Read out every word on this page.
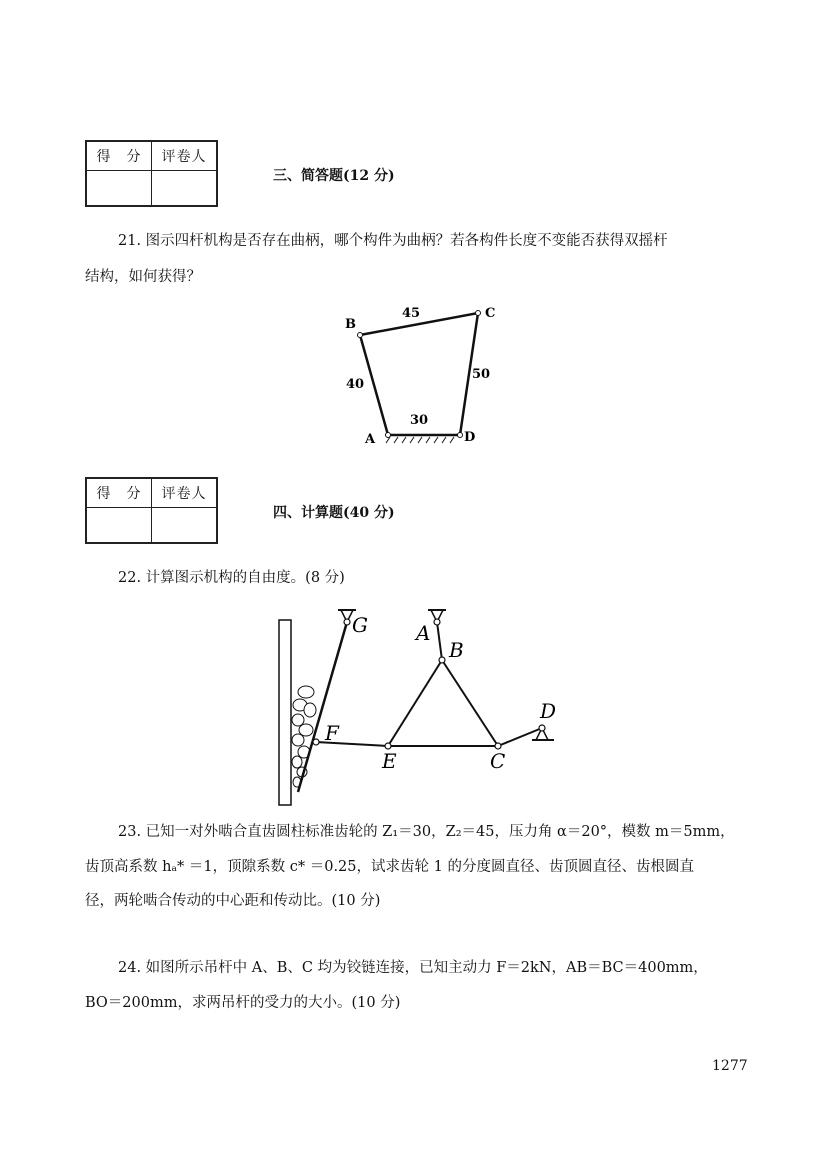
得　分	评卷人

三、简答题(12 分)
21. 图示四杆机构是否存在曲柄，哪个构件为曲柄？若各构件长度不变能否获得双摇杆
结构，如何获得？
B
C
A	D
45
40
50
30
得　分	评卷人

四、计算题(40 分)
22. 计算图示机构的自由度。(8 分)
G A
B
F
E	C
D
23. 已知一对外啮合直齿圆柱标准齿轮的 Z₁＝30，Z₂＝45，压力角 α＝20°，模数 m＝5mm，
齿顶高系数 hₐ* ＝1，顶隙系数 c* ＝0.25，试求齿轮 1 的分度圆直径、齿顶圆直径、齿根圆直
径，两轮啮合传动的中心距和传动比。(10 分)
24. 如图所示吊杆中 A、B、C 均为铰链连接，已知主动力 F＝2kN，AB＝BC＝400mm，
BO＝200mm，求两吊杆的受力的大小。(10 分)
1277
